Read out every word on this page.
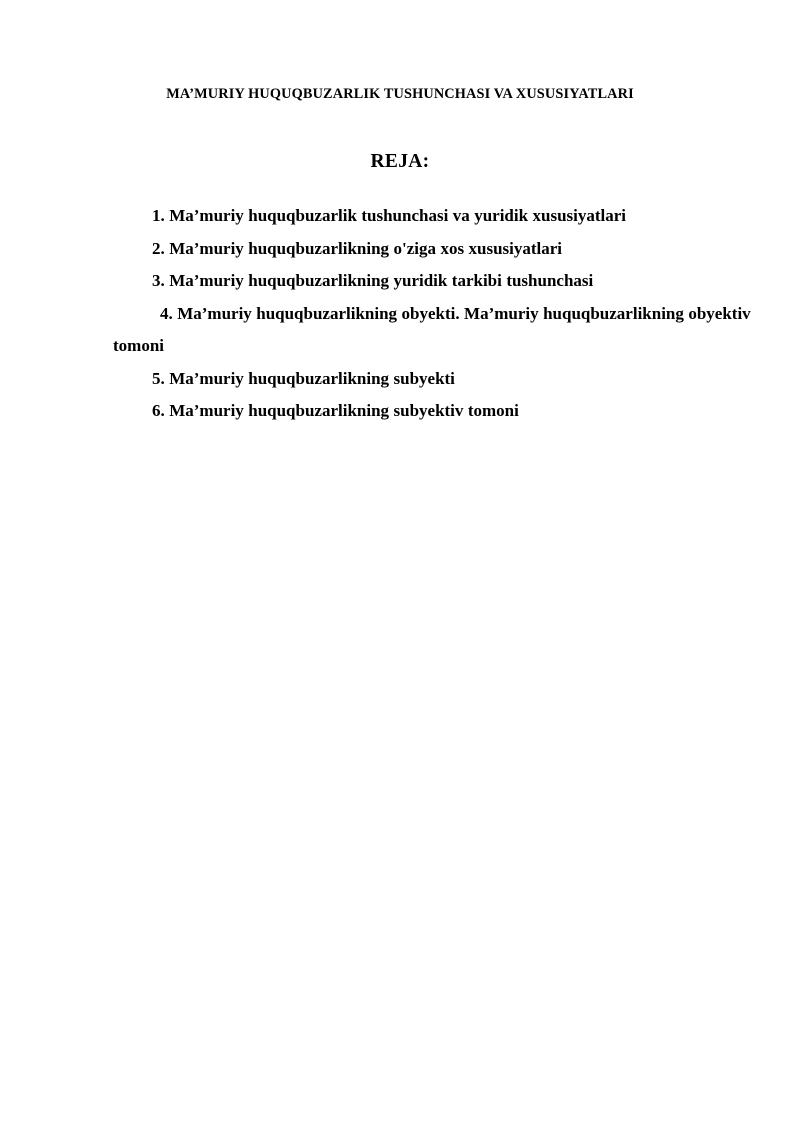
MA’MURIY HUQUQBUZARLIK TUSHUNCHASI VA XUSUSIYATLARI
REJA:

1. Ma’muriy huquqbuzarlik tushunchasi va yuridik xususiyatlari

2. Ma’muriy huquqbuzarlikning o'ziga xos xususiyatlari

3. Ma’muriy huquqbuzarlikning yuridik tarkibi tushunchasi

4. Ma’muriy huquqbuzarlikning obyekti. Ma’muriy huquqbuzarlikning obyektiv tomoni

5. Ma’muriy huquqbuzarlikning subyekti

6. Ma’muriy huquqbuzarlikning subyektiv tomoni
